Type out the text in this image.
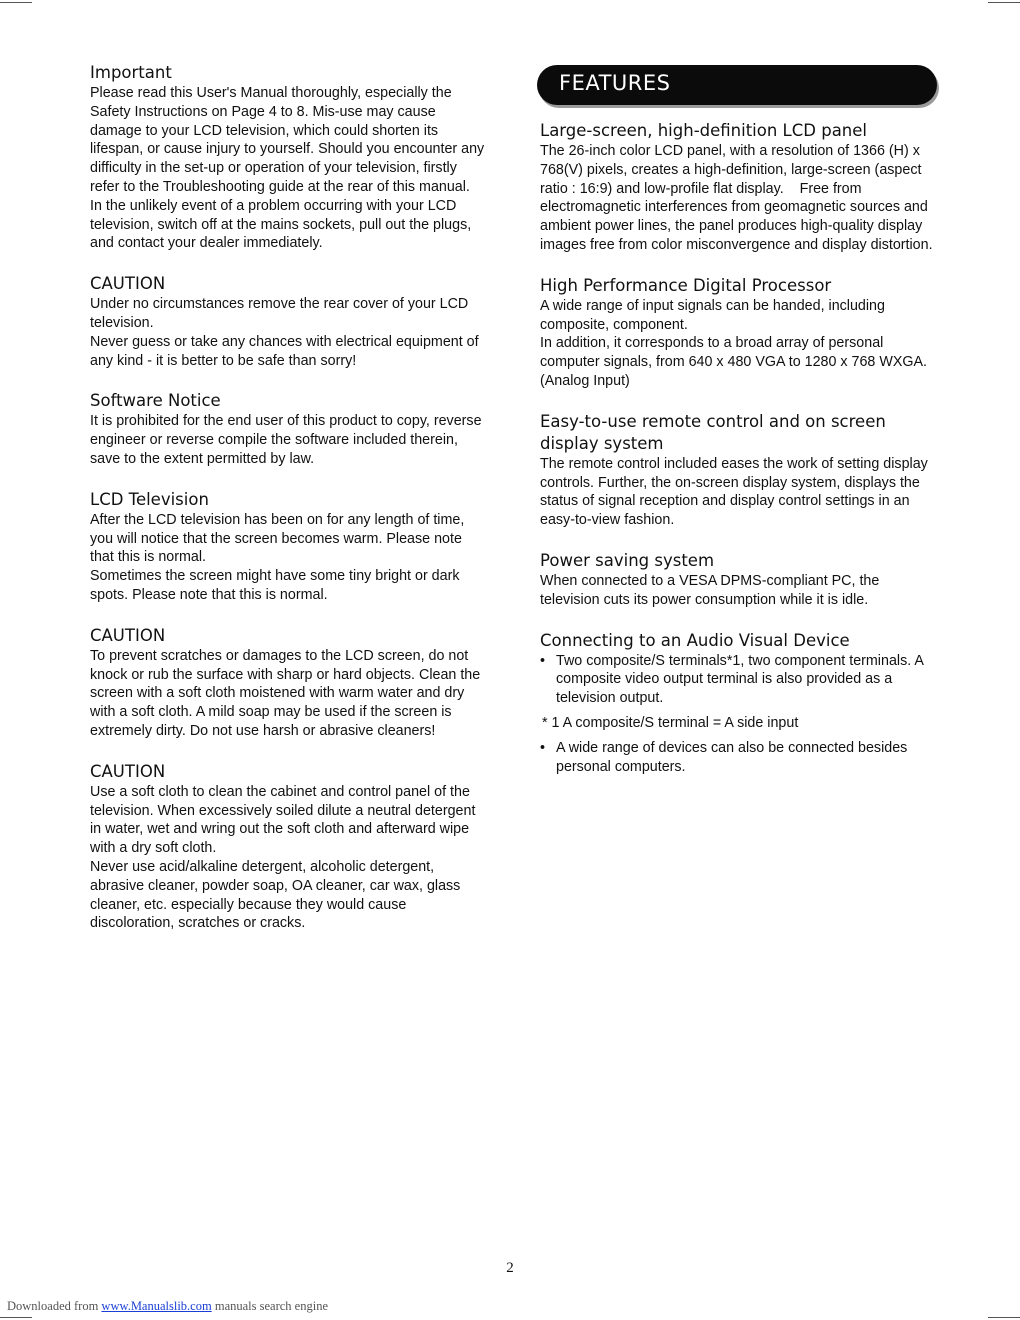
Important

Please read this User's Manual thoroughly, especially the Safety Instructions on Page 4 to 8. Mis-use may cause damage to your LCD television, which could shorten its lifespan, or cause injury to yourself. Should you encounter any difficulty in the set-up or operation of your television, firstly refer to the Troubleshooting guide at the rear of this manual.

In the unlikely event of a problem occurring with your LCD television, switch off at the mains sockets, pull out the plugs, and contact your dealer immediately.

CAUTION

Under no circumstances remove the rear cover of your LCD television.

Never guess or take any chances with electrical equipment of any kind - it is better to be safe than sorry!

Software Notice

It is prohibited for the end user of this product to copy, reverse engineer or reverse compile the software included therein, save to the extent permitted by law.

LCD Television

After the LCD television has been on for any length of time, you will notice that the screen becomes warm. Please note that this is normal.

Sometimes the screen might have some tiny bright or dark spots. Please note that this is normal.

CAUTION

To prevent scratches or damages to the LCD screen, do not knock or rub the surface with sharp or hard objects. Clean the screen with a soft cloth moistened with warm water and dry with a soft cloth. A mild soap may be used if the screen is extremely dirty. Do not use harsh or abrasive cleaners!

CAUTION

Use a soft cloth to clean the cabinet and control panel of the television. When excessively soiled dilute a neutral detergent in water, wet and wring out the soft cloth and afterward wipe with a dry soft cloth.

Never use acid/alkaline detergent, alcoholic detergent, abrasive cleaner, powder soap, OA cleaner, car wax, glass cleaner, etc. especially because they would cause discoloration, scratches or cracks.

FEATURES
Large-screen, high-definition LCD panel

The 26-inch color LCD panel, with a resolution of 1366 (H) x 768(V) pixels, creates a high-definition, large-screen (aspect ratio : 16:9) and low-profile flat display.    Free from electromagnetic interferences from geomagnetic sources and ambient power lines, the panel produces high-quality display images free from color misconvergence and display distortion.

High Performance Digital Processor

A wide range of input signals can be handed, including composite, component.

In addition, it corresponds to a broad array of personal computer signals, from 640 x 480 VGA to 1280 x 768 WXGA. (Analog Input)

Easy-to-use remote control and on screen display system

The remote control included eases the work of setting display controls. Further, the on-screen display system, displays the status of signal reception and display control settings in an easy-to-view fashion.

Power saving system

When connected to a VESA DPMS-compliant PC, the television cuts its power consumption while it is idle.

Connecting to an Audio Visual Device
• Two composite/S terminals*1, two component terminals. A composite video output terminal is also provided as a television output.

* 1 A composite/S terminal = A side input

• A wide range of devices can also be connected besides personal computers.
2
Downloaded from www.Manualslib.com manuals search engine
